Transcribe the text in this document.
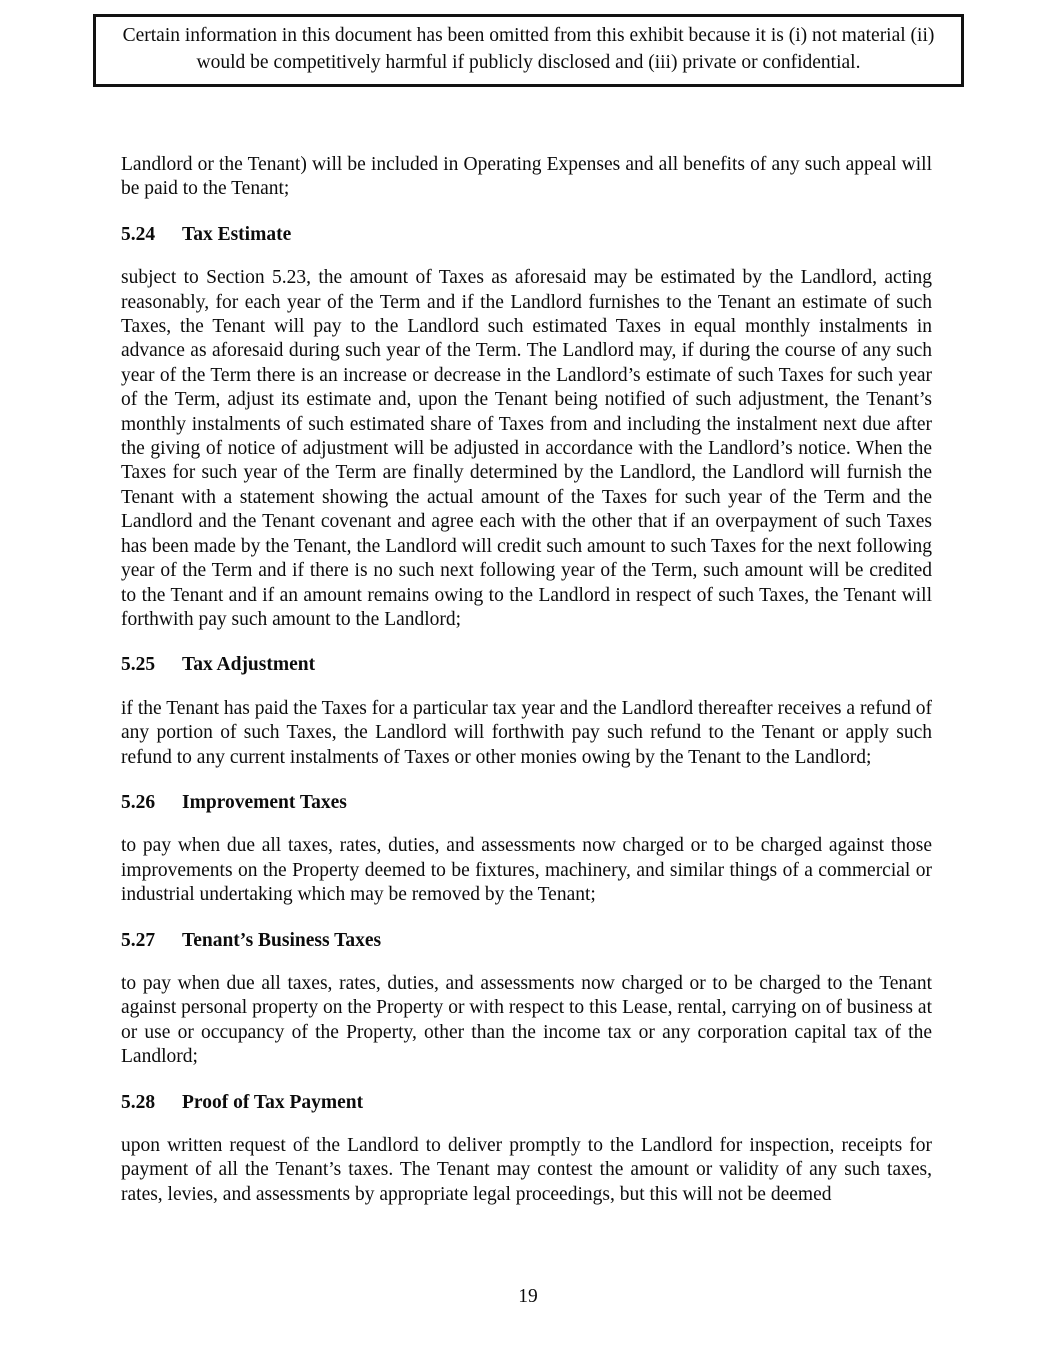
Certain information in this document has been omitted from this exhibit because it is (i) not material (ii) would be competitively harmful if publicly disclosed and (iii) private or confidential.

Landlord or the Tenant) will be included in Operating Expenses and all benefits of any such appeal will be paid to the Tenant;

5.24	Tax Estimate

subject to Section 5.23, the amount of Taxes as aforesaid may be estimated by the Landlord, acting reasonably, for each year of the Term and if the Landlord furnishes to the Tenant an estimate of such Taxes, the Tenant will pay to the Landlord such estimated Taxes in equal monthly instalments in advance as aforesaid during such year of the Term. The Landlord may, if during the course of any such year of the Term there is an increase or decrease in the Landlord’s estimate of such Taxes for such year of the Term, adjust its estimate and, upon the Tenant being notified of such adjustment, the Tenant’s monthly instalments of such estimated share of Taxes from and including the instalment next due after the giving of notice of adjustment will be adjusted in accordance with the Landlord’s notice. When the Taxes for such year of the Term are finally determined by the Landlord, the Landlord will furnish the Tenant with a statement showing the actual amount of the Taxes for such year of the Term and the Landlord and the Tenant covenant and agree each with the other that if an overpayment of such Taxes has been made by the Tenant, the Landlord will credit such amount to such Taxes for the next following year of the Term and if there is no such next following year of the Term, such amount will be credited to the Tenant and if an amount remains owing to the Landlord in respect of such Taxes, the Tenant will forthwith pay such amount to the Landlord;

5.25	Tax Adjustment

if the Tenant has paid the Taxes for a particular tax year and the Landlord thereafter receives a refund of any portion of such Taxes, the Landlord will forthwith pay such refund to the Tenant or apply such refund to any current instalments of Taxes or other monies owing by the Tenant to the Landlord;

5.26	Improvement Taxes

to pay when due all taxes, rates, duties, and assessments now charged or to be charged against those improvements on the Property deemed to be fixtures, machinery, and similar things of a commercial or industrial undertaking which may be removed by the Tenant;

5.27	Tenant’s Business Taxes

to pay when due all taxes, rates, duties, and assessments now charged or to be charged to the Tenant against personal property on the Property or with respect to this Lease, rental, carrying on of business at or use or occupancy of the Property, other than the income tax or any corporation capital tax of the Landlord;

5.28	Proof of Tax Payment

upon written request of the Landlord to deliver promptly to the Landlord for inspection, receipts for payment of all the Tenant’s taxes. The Tenant may contest the amount or validity of any such taxes, rates, levies, and assessments by appropriate legal proceedings, but this will not be deemed

19
